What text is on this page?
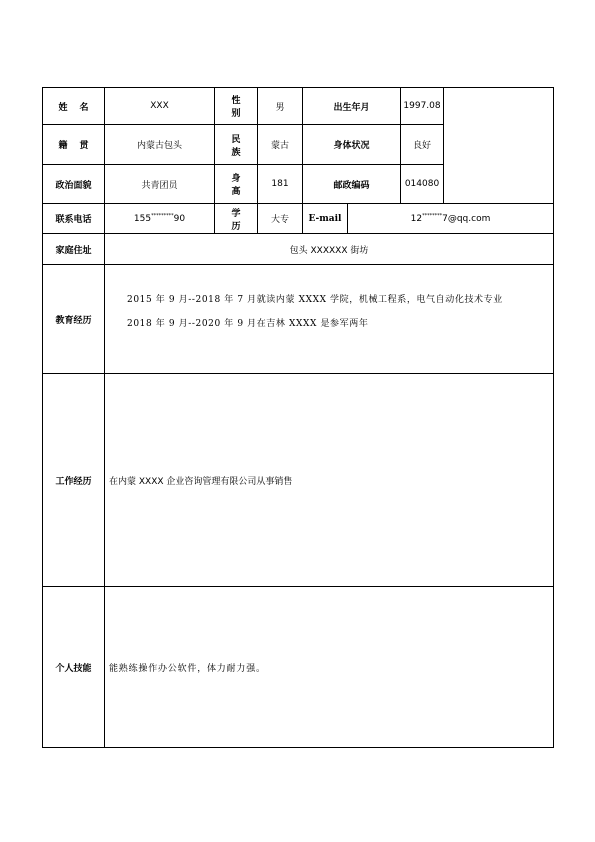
姓名	XXX	性别	男	出生年月		1997.08	
籍贯	内蒙古包头	民族	蒙古	身体状况		良好	
政治面貌	共青团员	身高	181	邮政编码		014080	
联系电话	155*********90	学历	大专	E-mail	12********7@qq.com		
家庭住址	包头 XXXXXX 街坊						
教育经历	2015 年 9 月--2018 年 7 月就读内蒙 XXXX 学院，机械工程系，电气自动化技术专业

2018 年 9 月--2020 年 9 月在吉林 XXXX 是参军两年						

工作经历	在内蒙 XXXX 企业咨询管理有限公司从事销售						
个人技能	能熟练操作办公软件，体力耐力强。						
